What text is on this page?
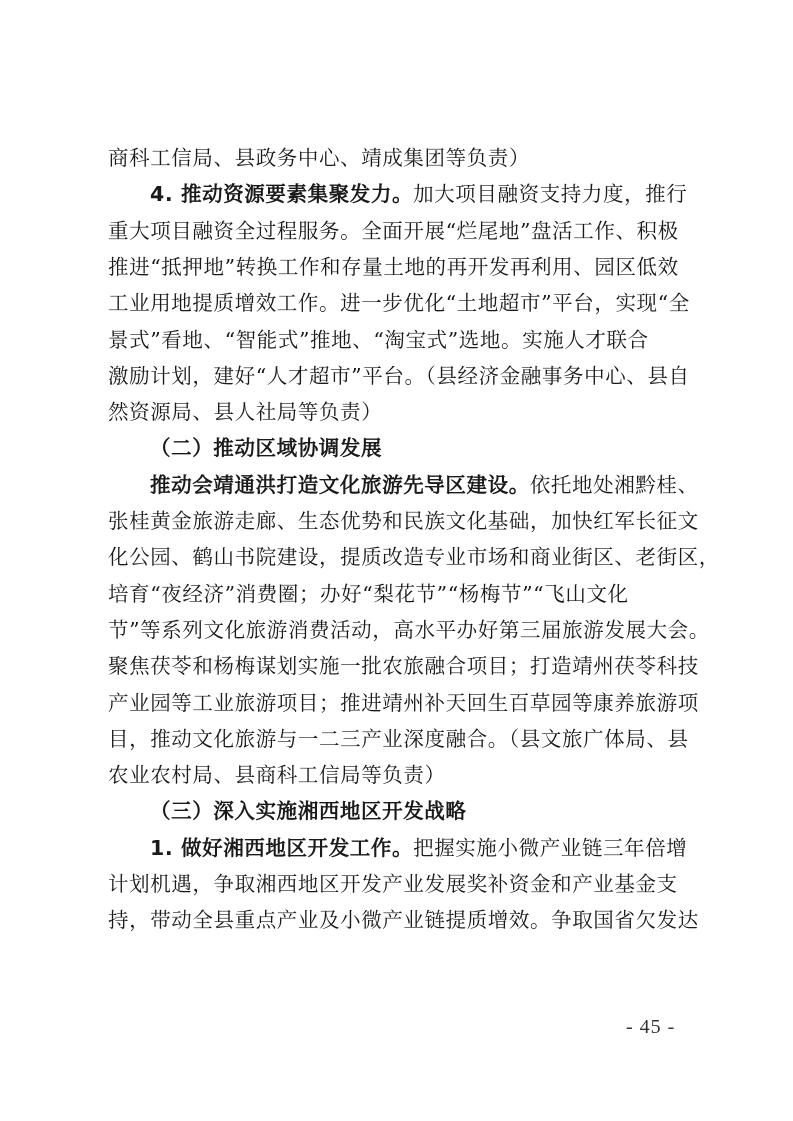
商科工信局、县政务中心、靖成集团等负责）
4. 推动资源要素集聚发力。加大项目融资支持力度，推行
重大项目融资全过程服务。全面开展“烂尾地”盘活工作、积极
推进“抵押地”转换工作和存量土地的再开发再利用、园区低效
工业用地提质增效工作。进一步优化“土地超市”平台，实现“全
景式”看地、“智能式”推地、“淘宝式”选地。实施人才联合
激励计划，建好“人才超市”平台。（县经济金融事务中心、县自
然资源局、县人社局等负责）
（二）推动区域协调发展
推动会靖通洪打造文化旅游先导区建设。依托地处湘黔桂、
张桂黄金旅游走廊、生态优势和民族文化基础，加快红军长征文
化公园、鹤山书院建设，提质改造专业市场和商业街区、老街区，
培育“夜经济”消费圈；办好“梨花节”“杨梅节”“飞山文化
节”等系列文化旅游消费活动，高水平办好第三届旅游发展大会。
聚焦茯苓和杨梅谋划实施一批农旅融合项目；打造靖州茯苓科技
产业园等工业旅游项目；推进靖州补天回生百草园等康养旅游项
目，推动文化旅游与一二三产业深度融合。（县文旅广体局、县
农业农村局、县商科工信局等负责）
（三）深入实施湘西地区开发战略
1. 做好湘西地区开发工作。把握实施小微产业链三年倍增
计划机遇，争取湘西地区开发产业发展奖补资金和产业基金支
持，带动全县重点产业及小微产业链提质增效。争取国省欠发达
- 45 -
